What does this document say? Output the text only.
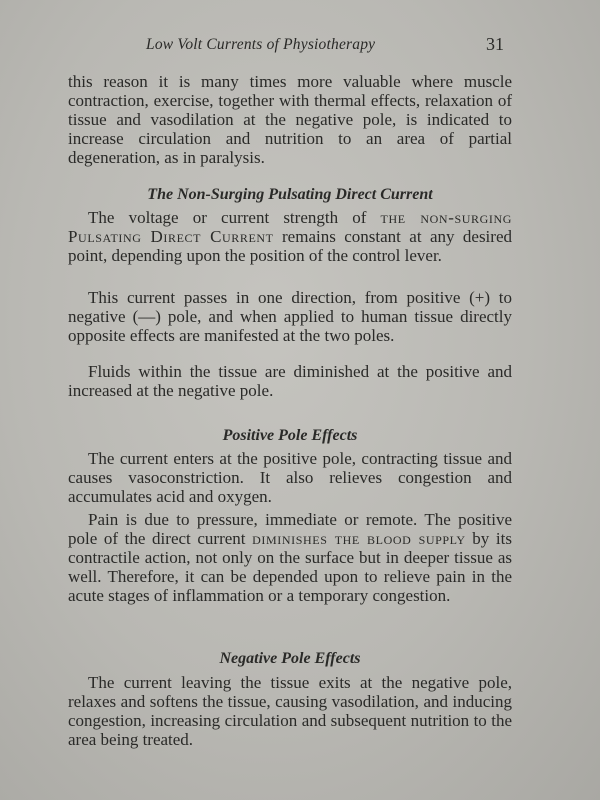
Low Volt Currents of Physiotherapy	31

this reason it is many times more valuable where muscle contraction, exercise, together with thermal effects, relaxation of tissue and vasodilation at the negative pole, is indicated to increase circulation and nutrition to an area of partial degeneration, as in paralysis.

The Non-Surging Pulsating Direct Current

The voltage or current strength of the non-surging Pulsating Direct Current remains constant at any desired point, depending upon the position of the control lever.

This current passes in one direction, from positive (+) to negative (—) pole, and when applied to human tissue directly opposite effects are manifested at the two poles.

Fluids within the tissue are diminished at the positive and increased at the negative pole.

Positive Pole Effects

The current enters at the positive pole, contracting tissue and causes vasoconstriction. It also relieves congestion and accumulates acid and oxygen.

Pain is due to pressure, immediate or remote. The positive pole of the direct current diminishes the blood supply by its contractile action, not only on the surface but in deeper tissue as well. Therefore, it can be depended upon to relieve pain in the acute stages of inflammation or a temporary congestion.

Negative Pole Effects

The current leaving the tissue exits at the negative pole, relaxes and softens the tissue, causing vasodilation, and inducing congestion, increasing circulation and subsequent nutrition to the area being treated.
